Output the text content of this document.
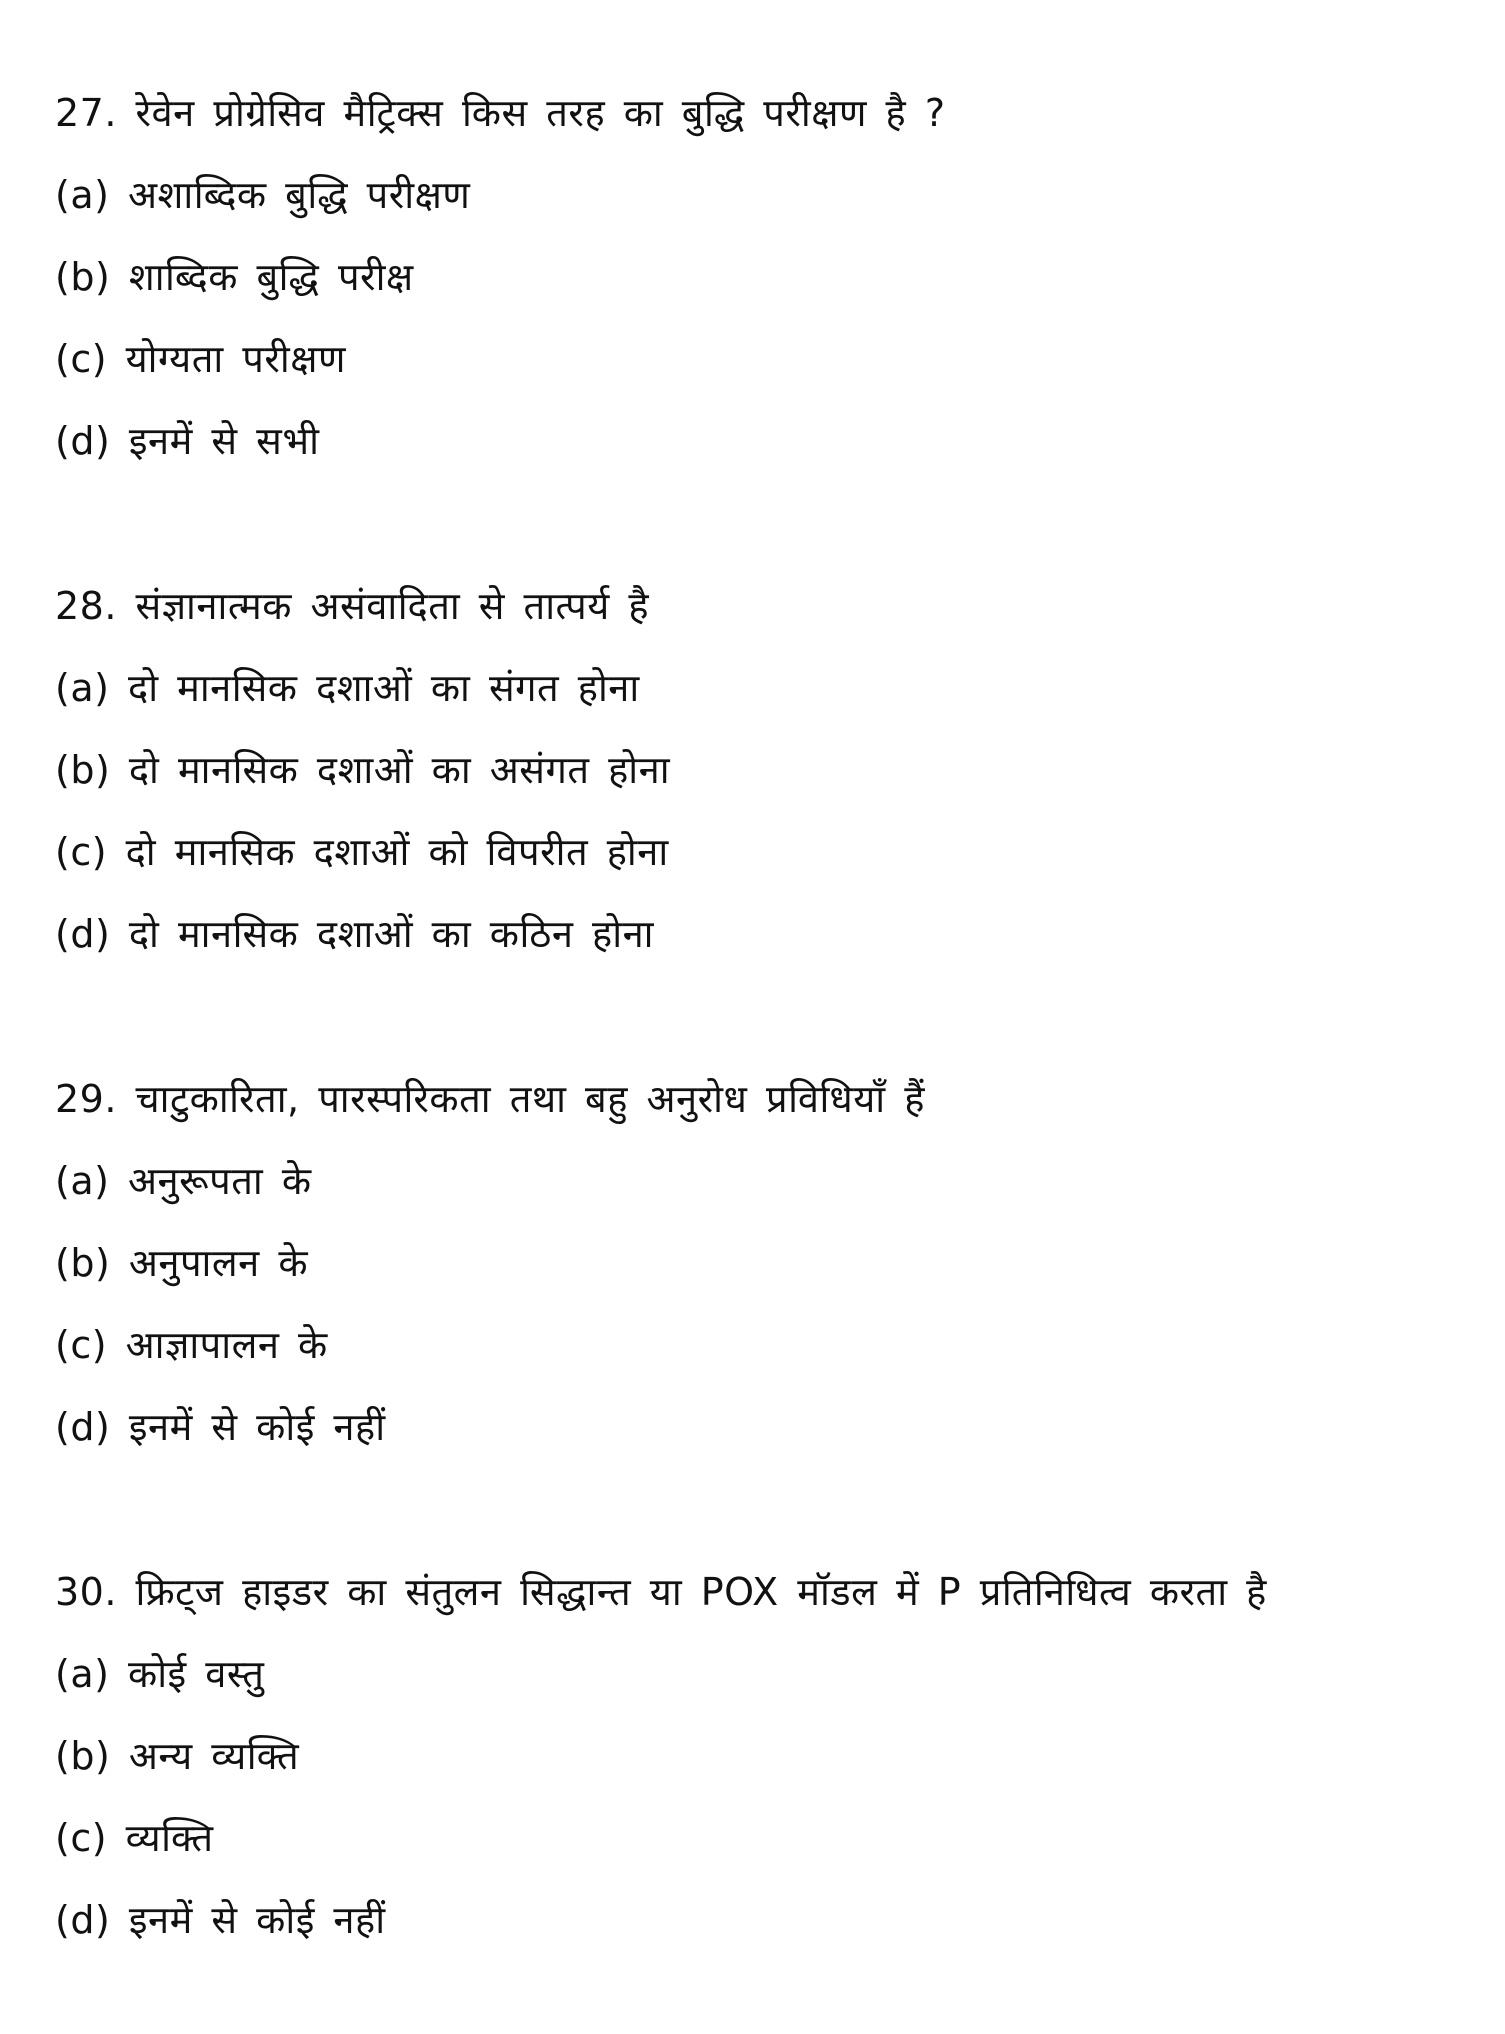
27. रेवेन प्रोग्रेसिव मैट्रिक्स किस तरह का बुद्धि परीक्षण है ?
(a) अशाब्दिक बुद्धि परीक्षण
(b) शाब्दिक बुद्धि परीक्ष
(c) योग्यता परीक्षण
(d) इनमें से सभी
28. संज्ञानात्मक असंवादिता से तात्पर्य है
(a) दो मानसिक दशाओं का संगत होना
(b) दो मानसिक दशाओं का असंगत होना
(c) दो मानसिक दशाओं को विपरीत होना
(d) दो मानसिक दशाओं का कठिन होना
29. चाटुकारिता, पारस्परिकता तथा बहु अनुरोध प्रविधियाँ हैं
(a) अनुरूपता के
(b) अनुपालन के
(c) आज्ञापालन के
(d) इनमें से कोई नहीं
30. फ्रिट्ज हाइडर का संतुलन सिद्धान्त या POX मॉडल में P प्रतिनिधित्व करता है
(a) कोई वस्तु
(b) अन्य व्यक्ति
(c) व्यक्ति
(d) इनमें से कोई नहीं
